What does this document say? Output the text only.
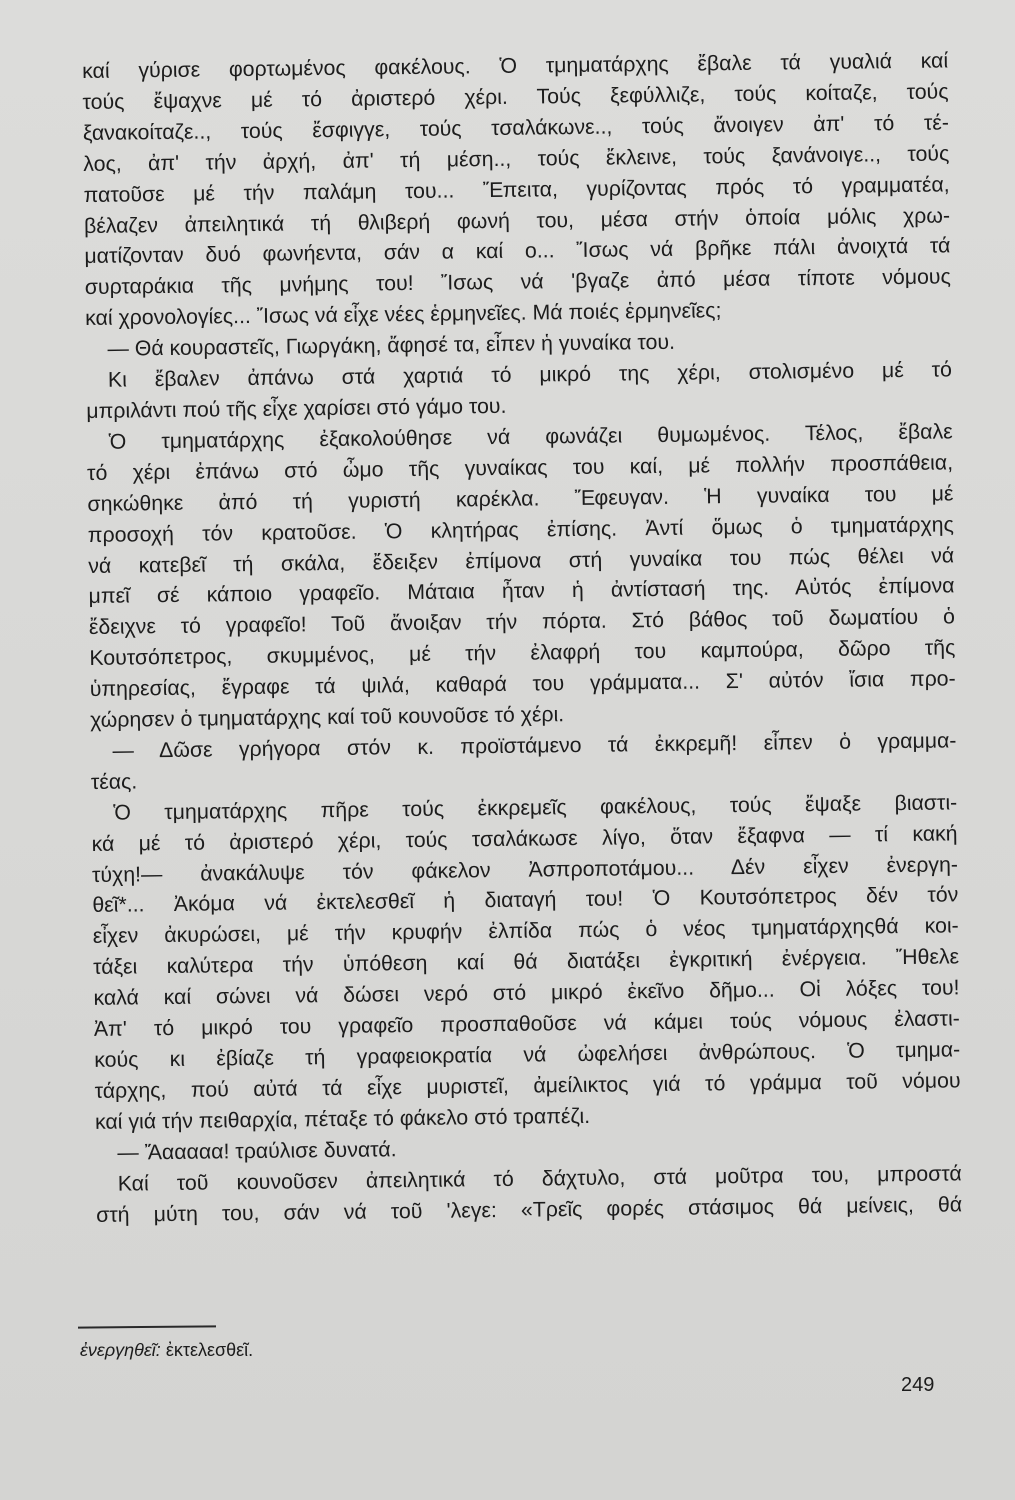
καί γύρισε φορτωμένος φακέλους. Ὁ τμηματάρχης ἔβαλε τά γυαλιά καί
τούς ἔψαχνε μέ τό ἀριστερό χέρι. Τούς ξεφύλλιζε, τούς κοίταζε, τούς
ξανακοίταζε.., τούς ἔσφιγγε, τούς τσαλάκωνε.., τούς ἄνοιγεν ἀπ' τό τέ-
λος, ἀπ' τήν ἀρχή, ἀπ' τή μέση.., τούς ἔκλεινε, τούς ξανάνοιγε.., τούς
πατοῦσε μέ τήν παλάμη του... Ἔπειτα, γυρίζοντας πρός τό γραμματέα,
βέλαζεν ἀπειλητικά τή θλιβερή φωνή του, μέσα στήν ὁποία μόλις χρω-
ματίζονταν δυό φωνήεντα, σάν α καί ο... Ἴσως νά βρῆκε πάλι ἀνοιχτά τά
συρταράκια τῆς μνήμης του! Ἴσως νά 'βγαζε ἀπό μέσα τίποτε νόμους
καί χρονολογίες... Ἴσως νά εἶχε νέες ἑρμηνεῖες. Μά ποιές ἑρμηνεῖες;
— Θά κουραστεῖς, Γιωργάκη, ἄφησέ τα, εἶπεν ἡ γυναίκα του.
Κι ἔβαλεν ἀπάνω στά χαρτιά τό μικρό της χέρι, στολισμένο μέ τό
μπριλάντι πού τῆς εἶχε χαρίσει στό γάμο του.
Ὁ τμηματάρχης ἐξακολούθησε νά φωνάζει θυμωμένος. Τέλος, ἔβαλε
τό χέρι ἐπάνω στό ὦμο τῆς γυναίκας του καί, μέ πολλήν προσπάθεια,
σηκώθηκε ἀπό τή γυριστή καρέκλα. Ἔφευγαν. Ἡ γυναίκα του μέ
προσοχή τόν κρατοῦσε. Ὁ κλητήρας ἐπίσης. Ἀντί ὅμως ὁ τμηματάρχης
νά κατεβεῖ τή σκάλα, ἔδειξεν ἐπίμονα στή γυναίκα του πώς θέλει νά
μπεῖ σέ κάποιο γραφεῖο. Μάταια ἦταν ἡ ἀντίστασή της. Αὐτός ἐπίμονα
ἔδειχνε τό γραφεῖο! Τοῦ ἄνοιξαν τήν πόρτα. Στό βάθος τοῦ δωματίου ὁ
Κουτσόπετρος, σκυμμένος, μέ τήν ἐλαφρή του καμπούρα, δῶρο τῆς
ὑπηρεσίας, ἔγραφε τά ψιλά, καθαρά του γράμματα... Σ' αὐτόν ἴσια προ-
χώρησεν ὁ τμηματάρχης καί τοῦ κουνοῦσε τό χέρι.
— Δῶσε γρήγορα στόν κ. προϊστάμενο τά ἐκκρεμῆ! εἶπεν ὁ γραμμα-
τέας.
Ὁ τμηματάρχης πῆρε τούς ἐκκρεμεῖς φακέλους, τούς ἔψαξε βιαστι-
κά μέ τό ἀριστερό χέρι, τούς τσαλάκωσε λίγο, ὅταν ἔξαφνα — τί κακή
τύχη!— ἀνακάλυψε τόν φάκελον Ἀσπροποτάμου... Δέν εἶχεν ἐνεργη-
θεῖ*... Ἀκόμα νά ἐκτελεσθεῖ ἡ διαταγή του! Ὁ Κουτσόπετρος δέν τόν
εἶχεν ἀκυρώσει, μέ τήν κρυφήν ἐλπίδα πώς ὁ νέος τμηματάρχηςθά κοι-
τάξει καλύτερα τήν ὑπόθεση καί θά διατάξει ἐγκριτική ἐνέργεια. Ἤθελε
καλά καί σώνει νά δώσει νερό στό μικρό ἐκεῖνο δῆμο... Οἱ λόξες του!
Ἀπ' τό μικρό του γραφεῖο προσπαθοῦσε νά κάμει τούς νόμους ἐλαστι-
κούς κι ἐβίαζε τή γραφειοκρατία νά ὠφελήσει ἀνθρώπους. Ὁ τμημα-
τάρχης, πού αὐτά τά εἶχε μυριστεῖ, ἀμείλικτος γιά τό γράμμα τοῦ νόμου
καί γιά τήν πειθαρχία, πέταξε τό φάκελο στό τραπέζι.
— Ἄααααα! τραύλισε δυνατά.
Καί τοῦ κουνοῦσεν ἀπειλητικά τό δάχτυλο, στά μοῦτρα του, μπροστά
στή μύτη του, σάν νά τοῦ 'λεγε: «Τρεῖς φορές στάσιμος θά μείνεις, θά
ἐνεργηθεῖ: ἐκτελεσθεῖ.
249
